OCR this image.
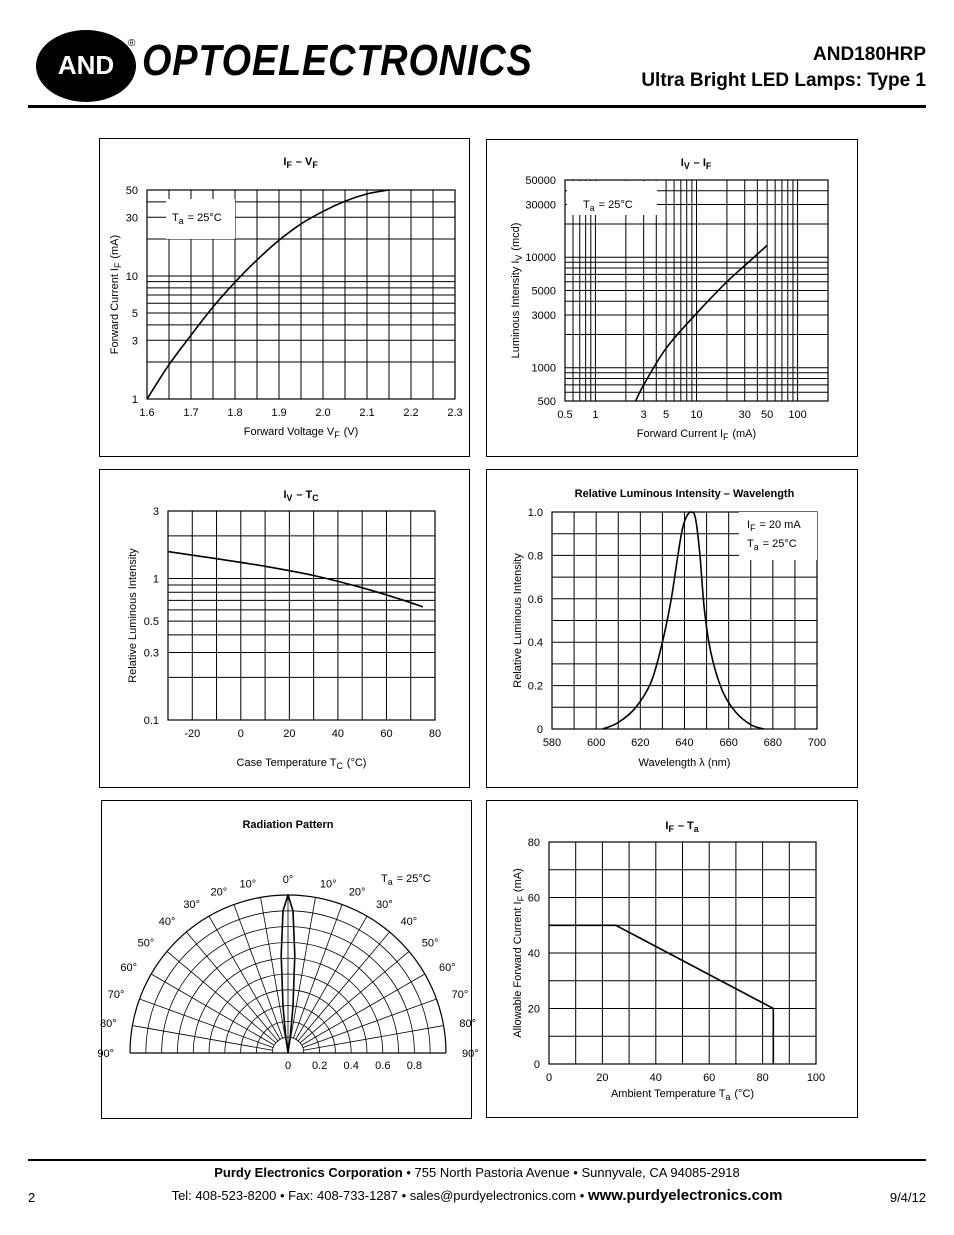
AND
® OPTOELECTRONICS	AND180HRP
Ultra Bright LED Lamps: Type 1
$T_a$  = 25°C
1.6	1.7	1.8	1.9	2.0	2.1	2.2	2.3
1
3
5
10
30
50
$I_F$  – $V_F$ 
Forward Voltage $V_F$  (V)
Forward Current $I_F$  (mA)
$T_a$  = 25°C
0.5 1	3 5 10	30 50 100
500
1000
3000
5000
10000
30000
50000
$I_V$  – $I_F$ 
Forward Current $I_F$  (mA)
Luminous Intensity $I_V$  (mcd)
-20	0	20	40	60	80
0.1
0.3
0.5
1
3
$I_V$  – $T_C$ 
Case Temperature $T_C$  (°C)
Relative Luminous Intensity
$I_F$  = 20 mA
$T_a$  = 25°C
580 600 620 640 660 680 700
0
0.2
0.4
0.6
0.8
1.0
Relative Luminous Intensity – Wavelength
Wavelength λ (nm)
Relative Luminous Intensity
90°
80°
70°
60°
50°
40°
30°
20°
10°	10°
20°
30°
40°
50°
60°
70°
80°
90°
0°
0 0.2 0.4 0.6 0.8
Radiation Pattern
$T_a$  = 25°C
0	20	40	60	80	100
0
20
40
60
80
$I_F$  – $T_a$ 
Ambient Temperature $T_a$  (°C)
Allowable Forward Current $I_F$  (mA)
Purdy Electronics Corporation • 755 North Pastoria Avenue • Sunnyvale, CA 94085-2918
Tel: 408-523-8200 • Fax: 408-733-1287 • sales@purdyelectronics.com • www.purdyelectronics.com
2	9/4/12
